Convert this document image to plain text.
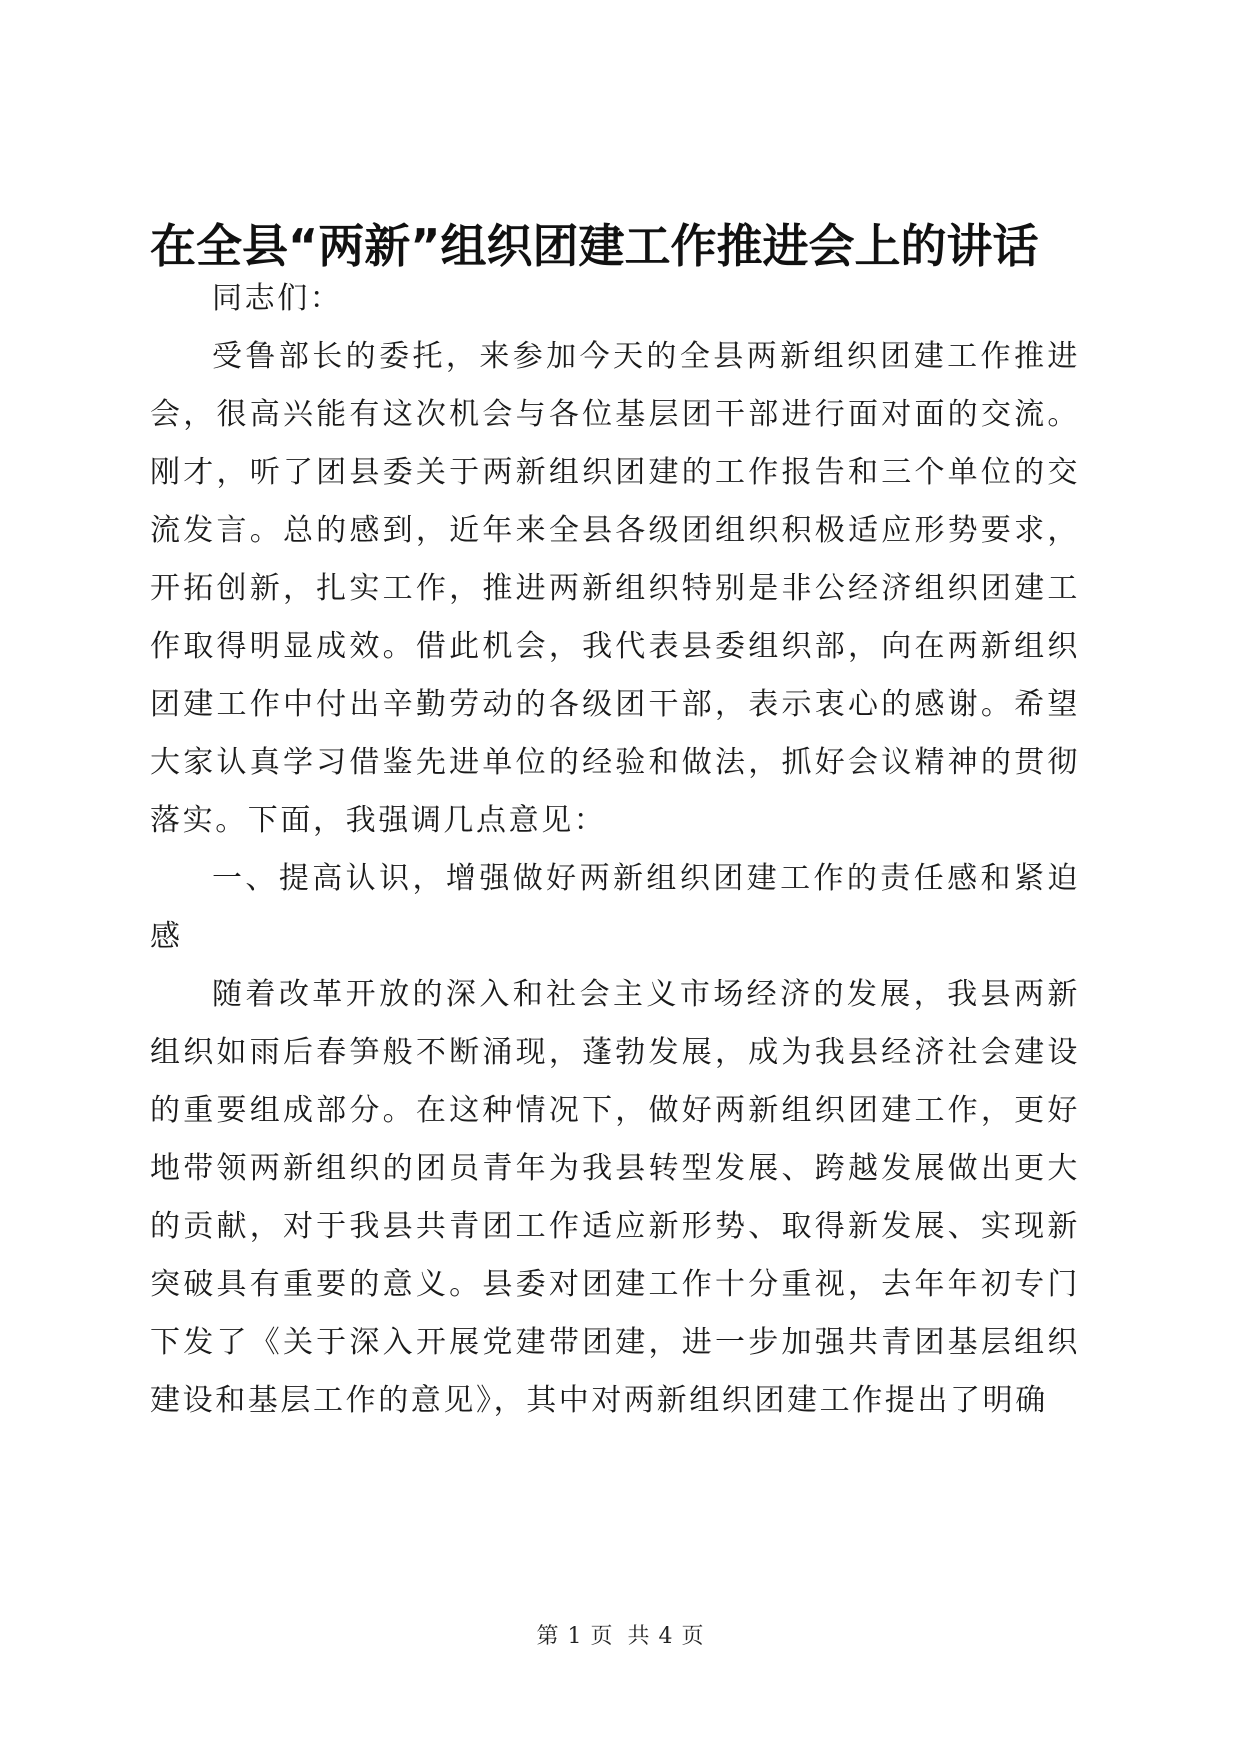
在全县“两新”组织团建工作推进会上的讲话

同志们：

受鲁部长的委托，来参加今天的全县两新组织团建工作推进会，很高兴能有这次机会与各位基层团干部进行面对面的交流。刚才，听了团县委关于两新组织团建的工作报告和三个单位的交流发言。总的感到，近年来全县各级团组织积极适应形势要求，开拓创新，扎实工作，推进两新组织特别是非公经济组织团建工作取得明显成效。借此机会，我代表县委组织部，向在两新组织团建工作中付出辛勤劳动的各级团干部，表示衷心的感谢。希望大家认真学习借鉴先进单位的经验和做法，抓好会议精神的贯彻落实。下面，我强调几点意见：

一、提高认识，增强做好两新组织团建工作的责任感和紧迫感

随着改革开放的深入和社会主义市场经济的发展，我县两新组织如雨后春笋般不断涌现，蓬勃发展，成为我县经济社会建设的重要组成部分。在这种情况下，做好两新组织团建工作，更好地带领两新组织的团员青年为我县转型发展、跨越发展做出更大的贡献，对于我县共青团工作适应新形势、取得新发展、实现新突破具有重要的意义。县委对团建工作十分重视，去年年初专门下发了《关于深入开展党建带团建，进一步加强共青团基层组织建设和基层工作的意见》，其中对两新组织团建工作提出了明确

第 1 页 共 4 页
